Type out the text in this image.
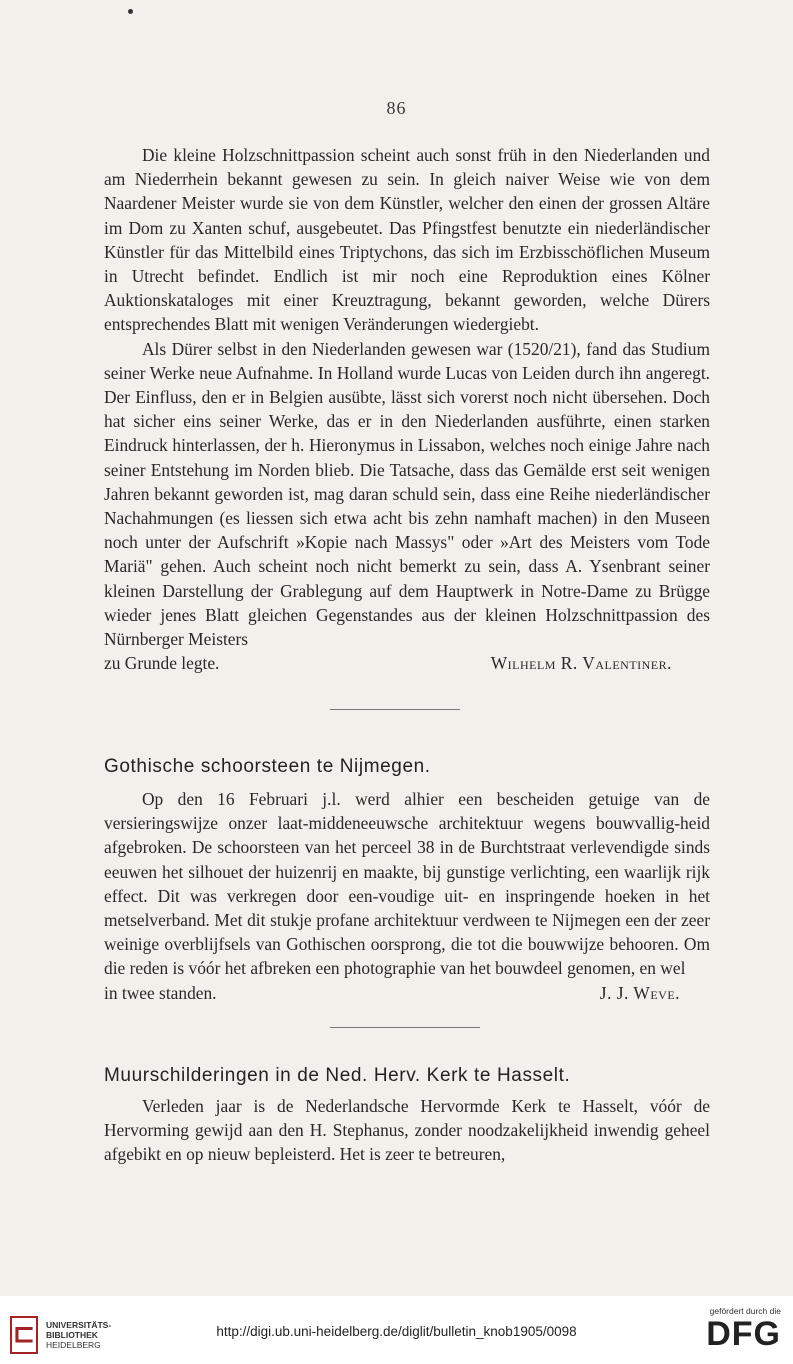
86

Die kleine Holzschnittpassion scheint auch sonst früh in den Niederlanden und am Niederrhein bekannt gewesen zu sein. In gleich naiver Weise wie von dem Naardener Meister wurde sie von dem Künstler, welcher den einen der grossen Altäre im Dom zu Xanten schuf, ausgebeutet. Das Pfingstfest benutzte ein niederländischer Künstler für das Mittelbild eines Triptychons, das sich im Erzbisschöflichen Museum in Utrecht befindet. Endlich ist mir noch eine Reproduktion eines Kölner Auktionskataloges mit einer Kreuztragung, bekannt geworden, welche Dürers entsprechendes Blatt mit wenigen Veränderungen wiedergiebt.

Als Dürer selbst in den Niederlanden gewesen war (1520/21), fand das Studium seiner Werke neue Aufnahme. In Holland wurde Lucas von Leiden durch ihn angeregt. Der Einfluss, den er in Belgien ausübte, lässt sich vorerst noch nicht übersehen. Doch hat sicher eins seiner Werke, das er in den Niederlanden ausführte, einen starken Eindruck hinterlassen, der h. Hieronymus in Lissabon, welches noch einige Jahre nach seiner Entstehung im Norden blieb. Die Tatsache, dass das Gemälde erst seit wenigen Jahren bekannt geworden ist, mag daran schuld sein, dass eine Reihe niederländischer Nachahmungen (es liessen sich etwa acht bis zehn namhaft machen) in den Museen noch unter der Aufschrift »Kopie nach Massys" oder »Art des Meisters vom Tode Mariä" gehen. Auch scheint noch nicht bemerkt zu sein, dass A. Ysenbrant seiner kleinen Darstellung der Grablegung auf dem Hauptwerk in Notre-Dame zu Brügge wieder jenes Blatt gleichen Gegenstandes aus der kleinen Holzschnittpassion des Nürnberger Meisters

zu Grunde legte.	Wilhelm R. Valentiner.
Gothische schoorsteen te Nijmegen.

Op den 16 Februari j.l. werd alhier een bescheiden getuige van de versieringswijze onzer laat-middeneeuwsche architektuur wegens bouwvallig-heid afgebroken. De schoorsteen van het perceel 38 in de Burchtstraat verlevendigde sinds eeuwen het silhouet der huizenrij en maakte, bij gunstige verlichting, een waarlijk rijk effect. Dit was verkregen door een-voudige uit- en inspringende hoeken in het metselverband. Met dit stukje profane architektuur verdween te Nijmegen een der zeer weinige overblijfsels van Gothischen oorsprong, die tot die bouwwijze behooren. Om die reden is vóór het afbreken een photographie van het bouwdeel genomen, en wel

in twee standen.	J. J. Weve.
Muurschilderingen in de Ned. Herv. Kerk te Hasselt.

Verleden jaar is de Nederlandsche Hervormde Kerk te Hasselt, vóór de Hervorming gewijd aan den H. Stephanus, zonder noodzakelijkheid inwendig geheel afgebikt en op nieuw bepleisterd. Het is zeer te betreuren,

⊏	UNIVERSITÄTS-
BIBLIOTHEK
HEIDELBERG
http://digi.ub.uni-heidelberg.de/diglit/bulletin_knob1905/0098
gefördert durch die
DFG
